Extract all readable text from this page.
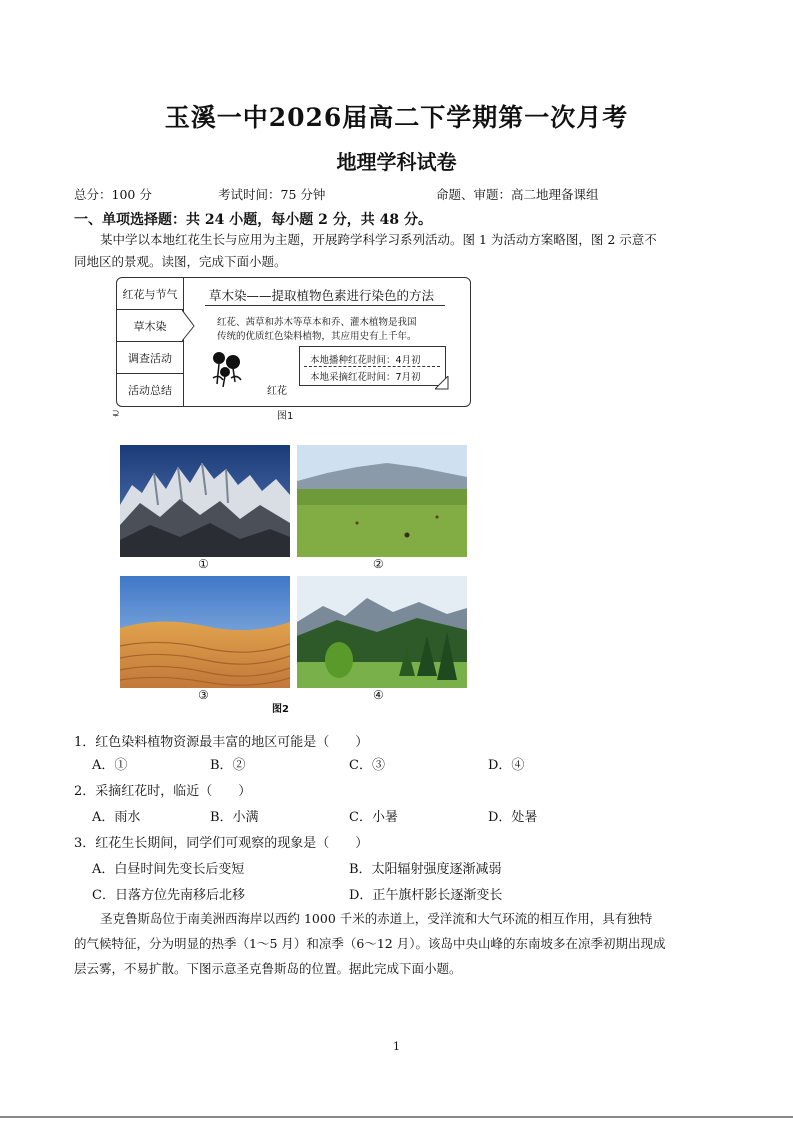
玉溪一中2026届高二下学期第一次月考
地理学科试卷
总分：100 分	考试时间：75 分钟	命题、审题：高二地理备课组
一、单项选择题：共 24 小题，每小题 2 分，共 48 分。
某中学以本地红花生长与应用为主题，开展跨学科学习系列活动。图 1 为活动方案略图，图 2 示意不
同地区的景观。读图，完成下面小题。
红花与节气
草木染
调查活动
活动总结
草木染——提取植物色素进行染色的方法
红花、茜草和苏木等草本和乔、灌木植物是我国
传统的优质红色染料植物，其应用史有上千年。
红花
本地播种红花时间：4月初
本地采摘红花时间：7月初
图1
⊋
①	②
③	④
图2
1．红色染料植物资源最丰富的地区可能是（　　）
A．①	B．②	C．③	D．④
2．采摘红花时，临近（　　）
A．雨水	B．小满	C．小暑	D．处暑
3．红花生长期间，同学们可观察的现象是（　　）
A．白昼时间先变长后变短	B．太阳辐射强度逐渐减弱
C．日落方位先南移后北移	D．正午旗杆影长逐渐变长
圣克鲁斯岛位于南美洲西海岸以西约 1000 千米的赤道上，受洋流和大气环流的相互作用，具有独特
的气候特征，分为明显的热季（1～5 月）和凉季（6～12 月）。该岛中央山峰的东南坡多在凉季初期出现成
层云雾，不易扩散。下图示意圣克鲁斯岛的位置。据此完成下面小题。
1
